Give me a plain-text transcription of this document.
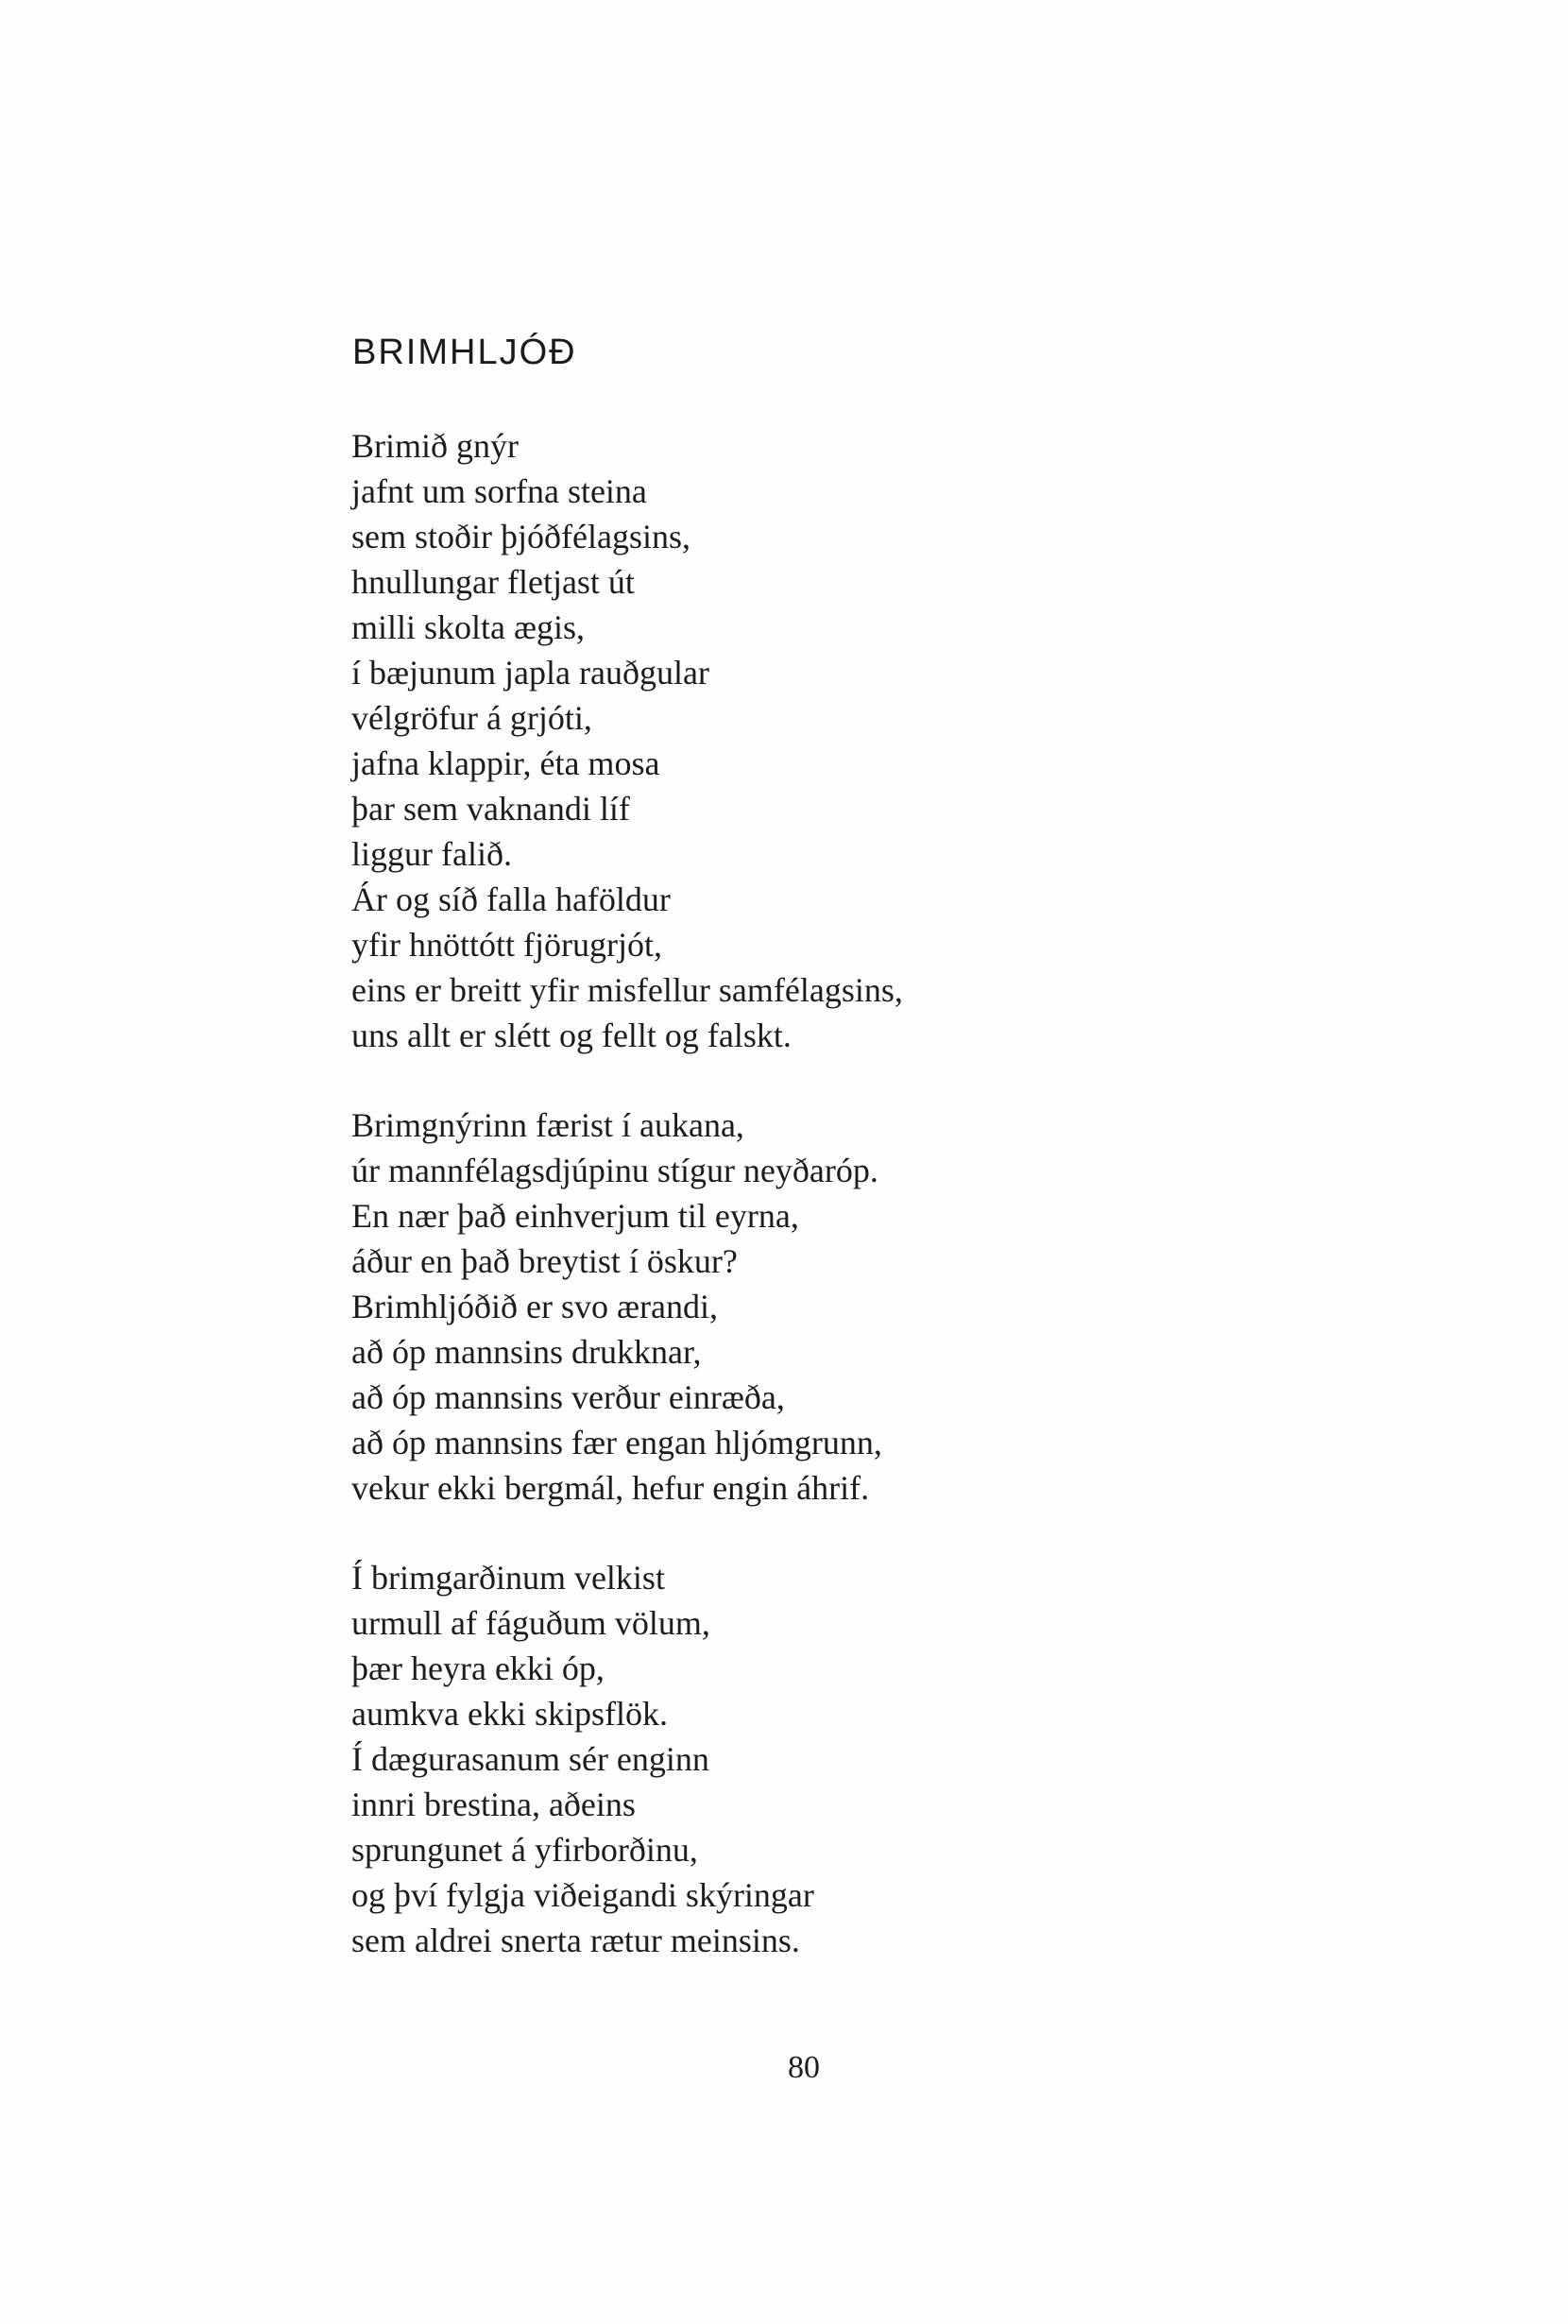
BRIMHLJÓÐ
Brimið gnýr
jafnt um sorfna steina
sem stoðir þjóðfélagsins,
hnullungar fletjast út
milli skolta ægis,
í bæjunum japla rauðgular
vélgröfur á grjóti,
jafna klappir, éta mosa
þar sem vaknandi líf
liggur falið.
Ár og síð falla haföldur
yfir hnöttótt fjörugrjót,
eins er breitt yfir misfellur samfélagsins,
uns allt er slétt og fellt og falskt.
Brimgnýrinn færist í aukana,
úr mannfélagsdjúpinu stígur neyðaróp.
En nær það einhverjum til eyrna,
áður en það breytist í öskur?
Brimhljóðið er svo ærandi,
að óp mannsins drukknar,
að óp mannsins verður einræða,
að óp mannsins fær engan hljómgrunn,
vekur ekki bergmál, hefur engin áhrif.
Í brimgarðinum velkist
urmull af fáguðum völum,
þær heyra ekki óp,
aumkva ekki skipsflök.
Í dægurasanum sér enginn
innri brestina, aðeins
sprungunet á yfirborðinu,
og því fylgja viðeigandi skýringar
sem aldrei snerta rætur meinsins.
80
